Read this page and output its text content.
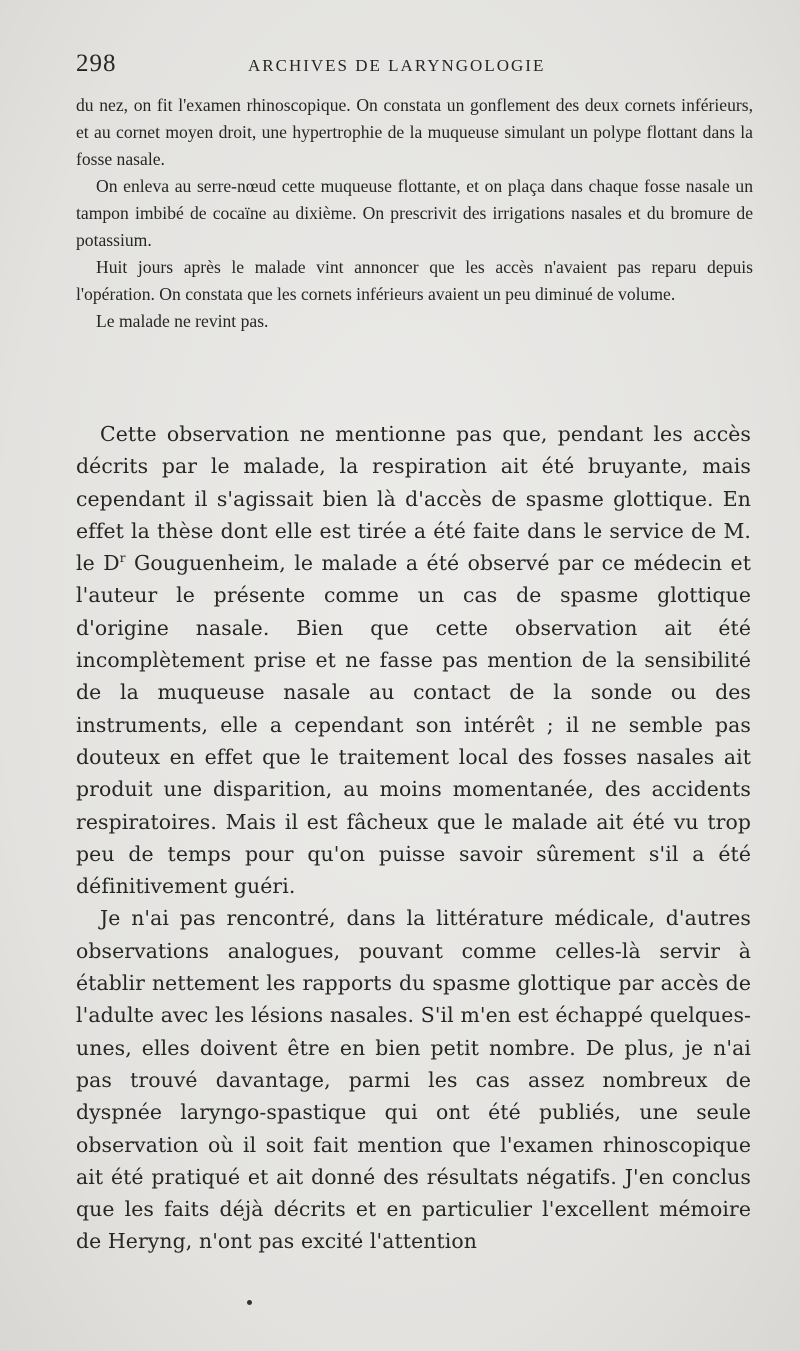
298	ARCHIVES DE LARYNGOLOGIE

du nez, on fit l'examen rhinoscopique. On constata un gonflement des deux cornets inférieurs, et au cornet moyen droit, une hypertrophie de la muqueuse simulant un polype flottant dans la fosse nasale.

On enleva au serre-nœud cette muqueuse flottante, et on plaça dans chaque fosse nasale un tampon imbibé de cocaïne au dixième. On prescrivit des irrigations nasales et du bromure de potassium.

Huit jours après le malade vint annoncer que les accès n'avaient pas reparu depuis l'opération. On constata que les cornets inférieurs avaient un peu diminué de volume.

Le malade ne revint pas.

Cette observation ne mentionne pas que, pendant les accès décrits par le malade, la respiration ait été bruyante, mais cependant il s'agissait bien là d'accès de spasme glottique. En effet la thèse dont elle est tirée a été faite dans le service de M. le $D^r$ Gouguenheim, le malade a été observé par ce médecin et l'auteur le présente comme un cas de spasme glottique d'origine nasale. Bien que cette observation ait été incomplètement prise et ne fasse pas mention de la sensibilité de la muqueuse nasale au contact de la sonde ou des instruments, elle a cependant son intérêt ; il ne semble pas douteux en effet que le traitement local des fosses nasales ait produit une disparition, au moins momentanée, des accidents respiratoires. Mais il est fâcheux que le malade ait été vu trop peu de temps pour qu'on puisse savoir sûrement s'il a été définitivement guéri.

Je n'ai pas rencontré, dans la littérature médicale, d'autres observations analogues, pouvant comme celles-là servir à établir nettement les rapports du spasme glottique par accès de l'adulte avec les lésions nasales. S'il m'en est échappé quelques-unes, elles doivent être en bien petit nombre. De plus, je n'ai pas trouvé davantage, parmi les cas assez nombreux de dyspnée laryngo-spastique qui ont été publiés, une seule observation où il soit fait mention que l'examen rhinoscopique ait été pratiqué et ait donné des résultats négatifs. J'en conclus que les faits déjà décrits et en particulier l'excellent mémoire de Heryng, n'ont pas excité l'attention
